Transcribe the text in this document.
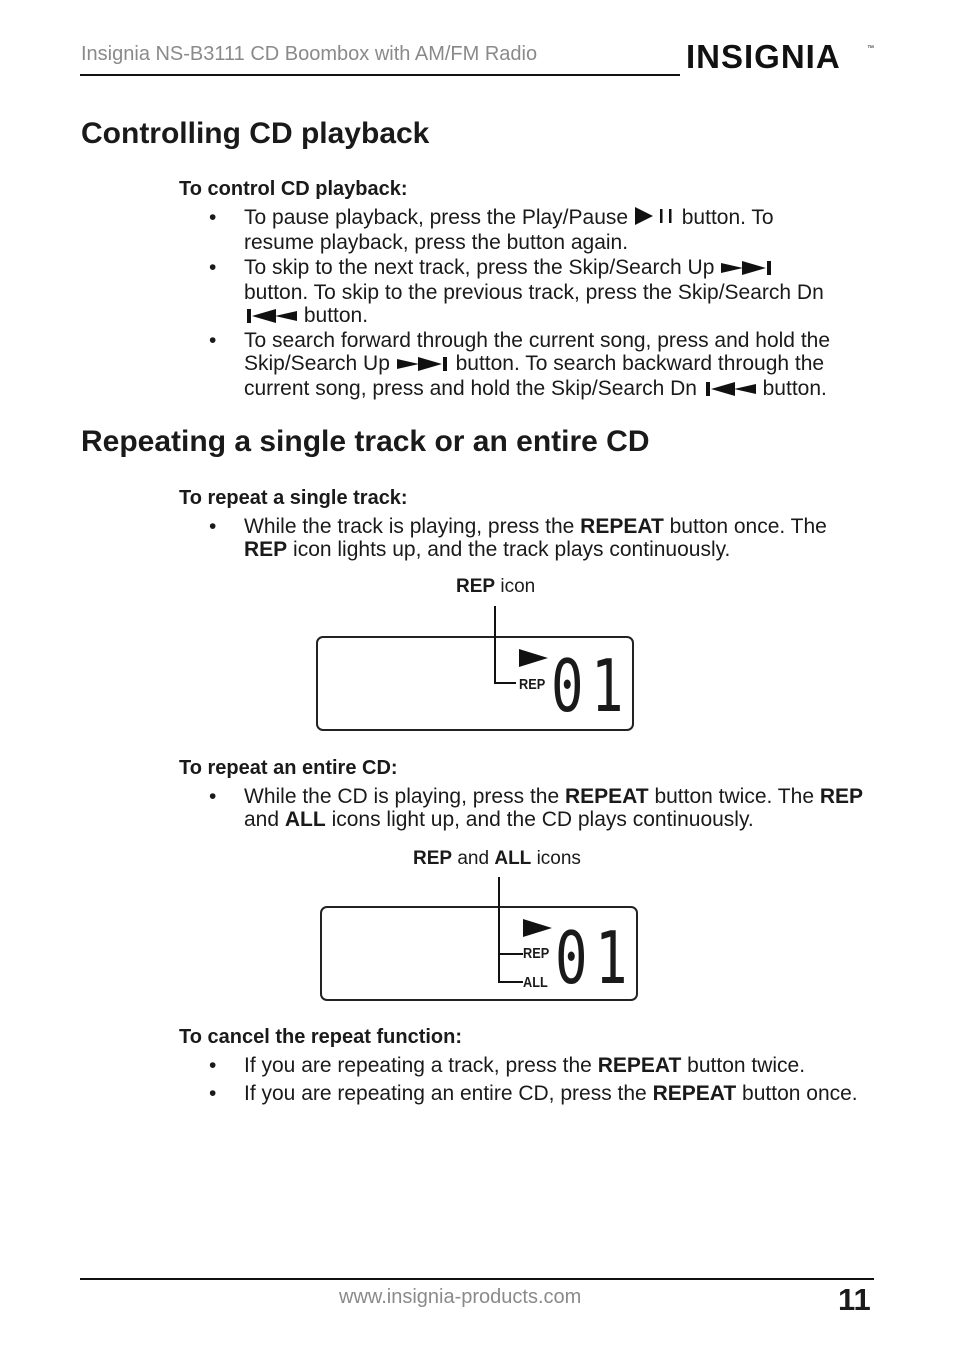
Insignia NS-B3111 CD Boombox with AM/FM Radio	INSIGNIA	™
Controlling CD playback
To control CD playback:
• To pause playback, press the Play/Pause	button. To resume playback, press the button again.
• To skip to the next track, press the Skip/Search Up  button. To skip to the previous track, press the Skip/Search Dn  button.
• To search forward through the current song, press and hold the Skip/Search Up	button. To search backward through the current song, press and hold the Skip/Search Dn	button.
Repeating a single track or an entire CD
To repeat a single track:
• While the track is playing, press the REPEAT button once. The REP icon lights up, and the track plays continuously.
REP icon
REP 01
To repeat an entire CD:
• While the CD is playing, press the REPEAT button twice. The REP and ALL icons light up, and the CD plays continuously.
REP and ALL icons
REP
ALL 01
To cancel the repeat function:
• If you are repeating a track, press the REPEAT button twice.
• If you are repeating an entire CD, press the REPEAT button once.
www.insignia-products.com	11
